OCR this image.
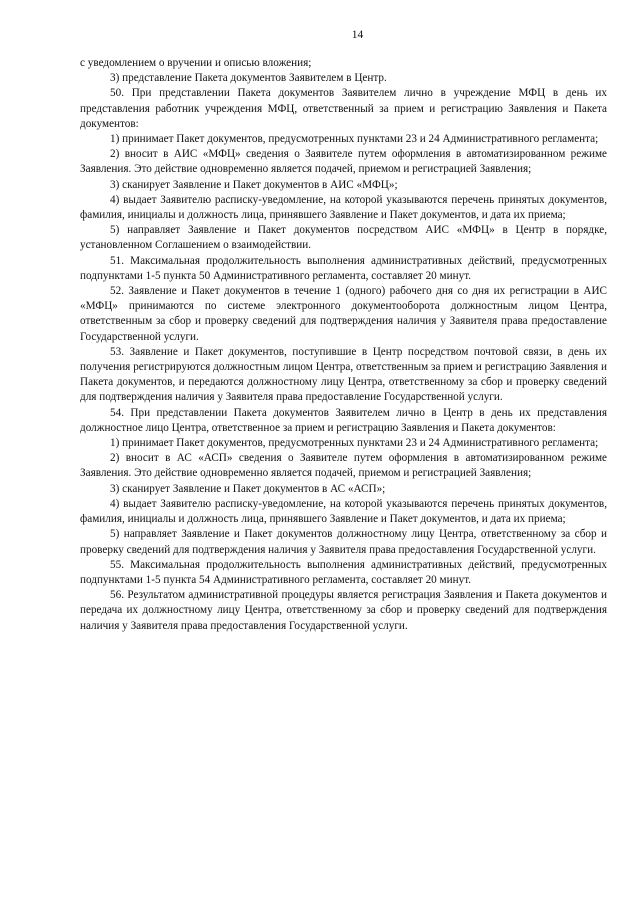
14

с уведомлением о вручении и описью вложения;

3) представление Пакета документов Заявителем в Центр.

50. При представлении Пакета документов Заявителем лично в учреждение МФЦ в день их представления работник учреждения МФЦ, ответственный за прием и регистрацию Заявления и Пакета документов:

1) принимает Пакет документов, предусмотренных пунктами 23 и 24 Административного регламента;

2) вносит в АИС «МФЦ» сведения о Заявителе путем оформления в автоматизированном режиме Заявления. Это действие одновременно является подачей, приемом и регистрацией Заявления;

3) сканирует Заявление и Пакет документов в АИС «МФЦ»;

4) выдает Заявителю расписку-уведомление, на которой указываются перечень принятых документов, фамилия, инициалы и должность лица, принявшего Заявление и Пакет документов, и дата их приема;

5) направляет Заявление и Пакет документов посредством АИС «МФЦ» в Центр в порядке, установленном Соглашением о взаимодействии.

51. Максимальная продолжительность выполнения административных действий, предусмотренных подпунктами 1-5 пункта 50 Административного регламента, составляет 20 минут.

52. Заявление и Пакет документов в течение 1 (одного) рабочего дня со дня их регистрации в АИС «МФЦ» принимаются по системе электронного документооборота должностным лицом Центра, ответственным за сбор и проверку сведений для подтверждения наличия у Заявителя права предоставление Государственной услуги.

53. Заявление и Пакет документов, поступившие в Центр посредством почтовой связи, в день их получения регистрируются должностным лицом Центра, ответственным за прием и регистрацию Заявления и Пакета документов, и передаются должностному лицу Центра, ответственному за сбор и проверку сведений для подтверждения наличия у Заявителя права предоставление Государственной услуги.

54. При представлении Пакета документов Заявителем лично в Центр в день их представления должностное лицо Центра, ответственное за прием и регистрацию Заявления и Пакета документов:

1) принимает Пакет документов, предусмотренных пунктами 23 и 24 Административного регламента;

2) вносит в АС «АСП» сведения о Заявителе путем оформления в автоматизированном режиме Заявления. Это действие одновременно является подачей, приемом и регистрацией Заявления;

3) сканирует Заявление и Пакет документов в АС «АСП»;

4) выдает Заявителю расписку-уведомление, на которой указываются перечень принятых документов, фамилия, инициалы и должность лица, принявшего Заявление и Пакет документов, и дата их приема;

5) направляет Заявление и Пакет документов должностному лицу Центра, ответственному за сбор и проверку сведений для подтверждения наличия у Заявителя права предоставления Государственной услуги.

55. Максимальная продолжительность выполнения административных действий, предусмотренных подпунктами 1-5 пункта 54 Административного регламента, составляет 20 минут.

56. Результатом административной процедуры является регистрация Заявления и Пакета документов и передача их должностному лицу Центра, ответственному за сбор и проверку сведений для подтверждения наличия у Заявителя права предоставления Государственной услуги.
